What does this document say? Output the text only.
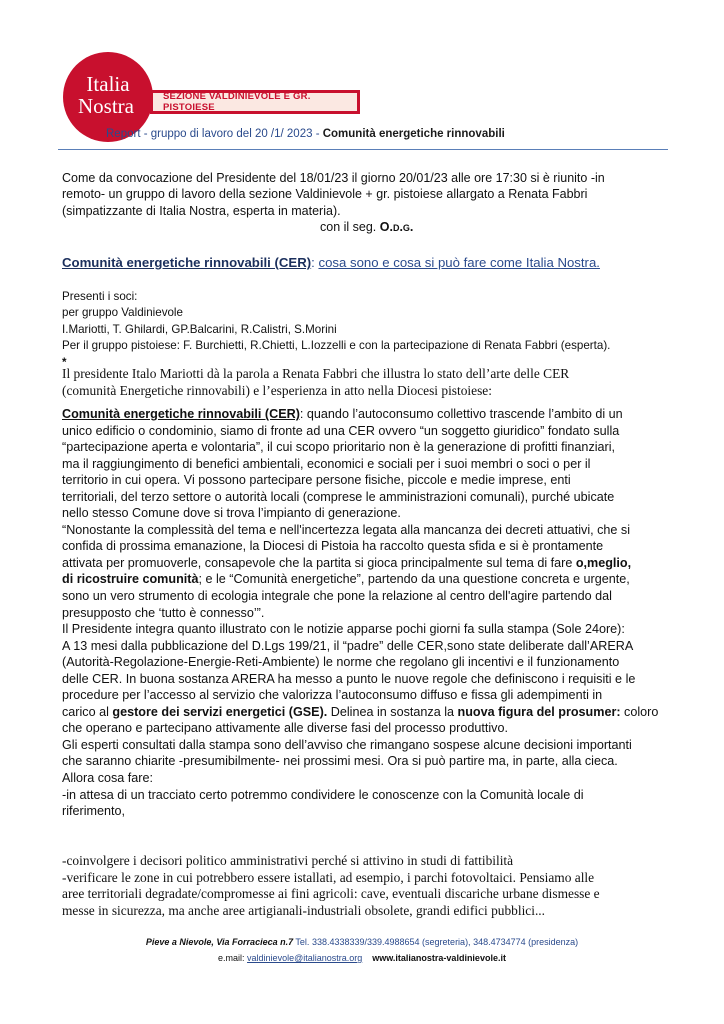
Italia
Nostra	SEZIONE VALDINIEVOLE E GR. PISTOIESE
Report - gruppo di lavoro del 20 /1/ 2023 - Comunità energetiche rinnovabili

Come da convocazione del Presidente del 18/01/23 il giorno 20/01/23 alle ore 17:30 si è riunito -in

remoto- un gruppo di lavoro della sezione Valdinievole + gr. pistoiese allargato a Renata Fabbri

(simpatizzante di Italia Nostra, esperta in materia).

con il seg. O.d.g.

Comunità energetiche rinnovabili (CER): cosa sono e cosa si può fare come Italia Nostra.

Presenti i soci:

per gruppo Valdinievole

I.Mariotti, T. Ghilardi, GP.Balcarini, R.Calistri, S.Morini

Per il gruppo pistoiese: F. Burchietti, R.Chietti, L.Iozzelli e con la partecipazione di Renata Fabbri (esperta).

*

Il presidente Italo Mariotti dà la parola a Renata Fabbri che illustra lo stato dell’arte delle CER

(comunità Energetiche rinnovabili) e l’esperienza in atto nella Diocesi pistoiese:

Comunità energetiche rinnovabili (CER): quando l’autoconsumo collettivo trascende l’ambito di un

unico edificio o condominio, siamo di fronte ad una CER ovvero “un soggetto giuridico” fondato sulla

“partecipazione aperta e volontaria”, il cui scopo prioritario non è la generazione di profitti finanziari,

ma il raggiungimento di benefici ambientali, economici e sociali per i suoi membri o soci o per il

territorio in cui opera. Vi possono partecipare persone fisiche, piccole e medie imprese, enti

territoriali, del terzo settore o autorità locali (comprese le amministrazioni comunali), purché ubicate

nello stesso Comune dove si trova l’impianto di generazione.

“Nonostante la complessità del tema e nell'incertezza legata alla mancanza dei decreti attuativi, che si

confida di prossima emanazione, la Diocesi di Pistoia ha raccolto questa sfida e si è prontamente

attivata per promuoverle, consapevole che la partita si gioca principalmente sul tema di fare o,meglio,

di ricostruire comunità; e le “Comunità energetiche”, partendo da una questione concreta e urgente,

sono un vero strumento di ecologia integrale che pone la relazione al centro dell'agire partendo dal

presupposto che ‘tutto è connesso’”.

Il Presidente integra quanto illustrato con le notizie apparse pochi giorni fa sulla stampa (Sole 24ore):

A 13 mesi dalla pubblicazione del D.Lgs 199/21, il “padre” delle CER,sono state deliberate dall’ARERA

(Autorità-Regolazione-Energie-Reti-Ambiente) le norme che regolano gli incentivi e il funzionamento

delle CER. In buona sostanza ARERA ha messo a punto le nuove regole che definiscono i requisiti e le

procedure per l’accesso al servizio che valorizza l’autoconsumo diffuso e fissa gli adempimenti in

carico al gestore dei servizi energetici (GSE). Delinea in sostanza la nuova figura del prosumer: coloro

che operano e partecipano attivamente alle diverse fasi del processo produttivo.

Gli esperti consultati dalla stampa sono dell’avviso che rimangano sospese alcune decisioni importanti

che saranno chiarite -presumibilmente- nei prossimi mesi. Ora si può partire ma, in parte, alla cieca.

Allora cosa fare:

-in attesa di un tracciato certo potremmo condividere le conoscenze con la Comunità locale di

riferimento,

-coinvolgere i decisori politico amministrativi perché si attivino in studi di fattibilità

-verificare le zone in cui potrebbero essere istallati, ad esempio, i parchi fotovoltaici. Pensiamo alle

aree territoriali degradate/compromesse ai fini agricoli: cave, eventuali discariche urbane dismesse e

messe in sicurezza, ma anche aree artigianali-industriali obsolete, grandi edifici pubblici...

Pieve a Nievole, Via Forracieca n.7 Tel. 338.4338339/339.4988654 (segreteria), 348.4734774 (presidenza)
e.mail: valdinievole@italianostra.org www.italianostra-valdinievole.it
